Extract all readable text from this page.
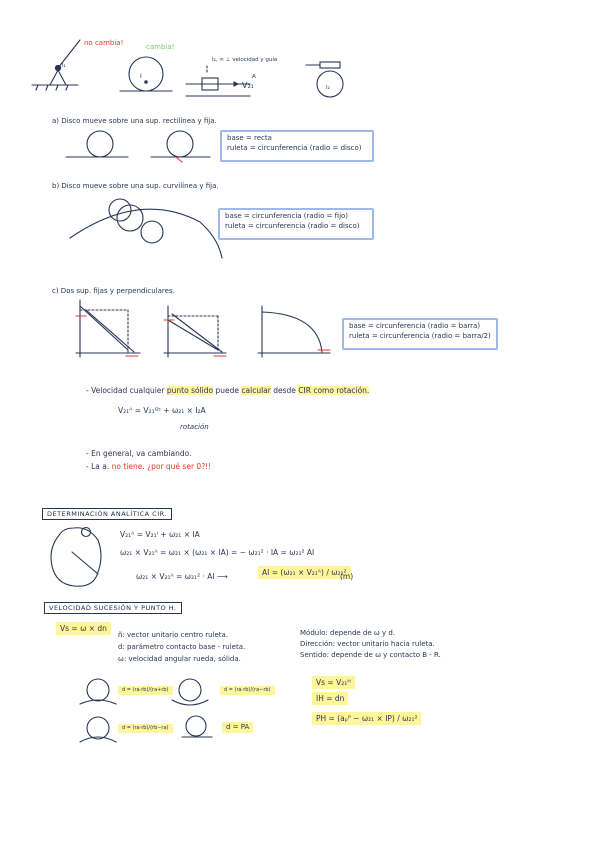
no cambia!	cambia!
I₂, ∞ ⊥ velocidad y guía
V₂₁
I₁
I
I₂
A
a) Disco mueve sobre una sup. rectilínea y fija.
base = recta
ruleta = circunferencia (radio = disco)
b) Disco mueve sobre una sup. curvilínea y fija.
base = circunferencia (radio = fijo)
ruleta = circunferencia (radio = disco)
c) Dos sup. fijas y perpendiculares.
base = circunferencia (radio = barra)
ruleta = circunferencia (radio = barra/2)
- Velocidad cualquier punto sólido puede calcular desde CIR como rotación.
V₂₁ᴬ = V₂₁ᴵ²ᶦ + ω₂₁ × I₂A
rotación
- En general, va cambiando.
- La a. no tiene. ¿por qué ser 0?!!
DETERMINACIÓN ANALÍTICA CIR.
V₂₁ᴬ = V₂₁ᴵ + ω₂₁ × IA
ω₂₁ × V₂₁ᴬ = ω₂₁ × (ω₂₁ × IA) = − ω₂₁² · IA = ω₂₁² AI
ω₂₁ × V₂₁ᴬ = ω₂₁² · AI ⟶	AI = (ω₂₁ × V₂₁ᴬ) / ω₂₁²
(m)
VELOCIDAD SUCESIÓN Y PUNTO H.
Vs = ω × dn
ñ: vector unitario centro ruleta.
d: parámetro contacto base - ruleta.
ω: velocidad angular rueda, sólida.
Módulo: depende de ω y d.
Dirección: vector unitario hacia ruleta.
Sentido: depende de ω y contacto B - R.
Vs = V₂₁ᴴ
IH = dn
PH = (aₚᴾ − ω₂₁ × IP) / ω₂₁²
d = (ra·rb)/(ra+rb)	d = (ra·rb)/(ra−rb)
d = (ra·rb)/(rb−ra)	d = PA
